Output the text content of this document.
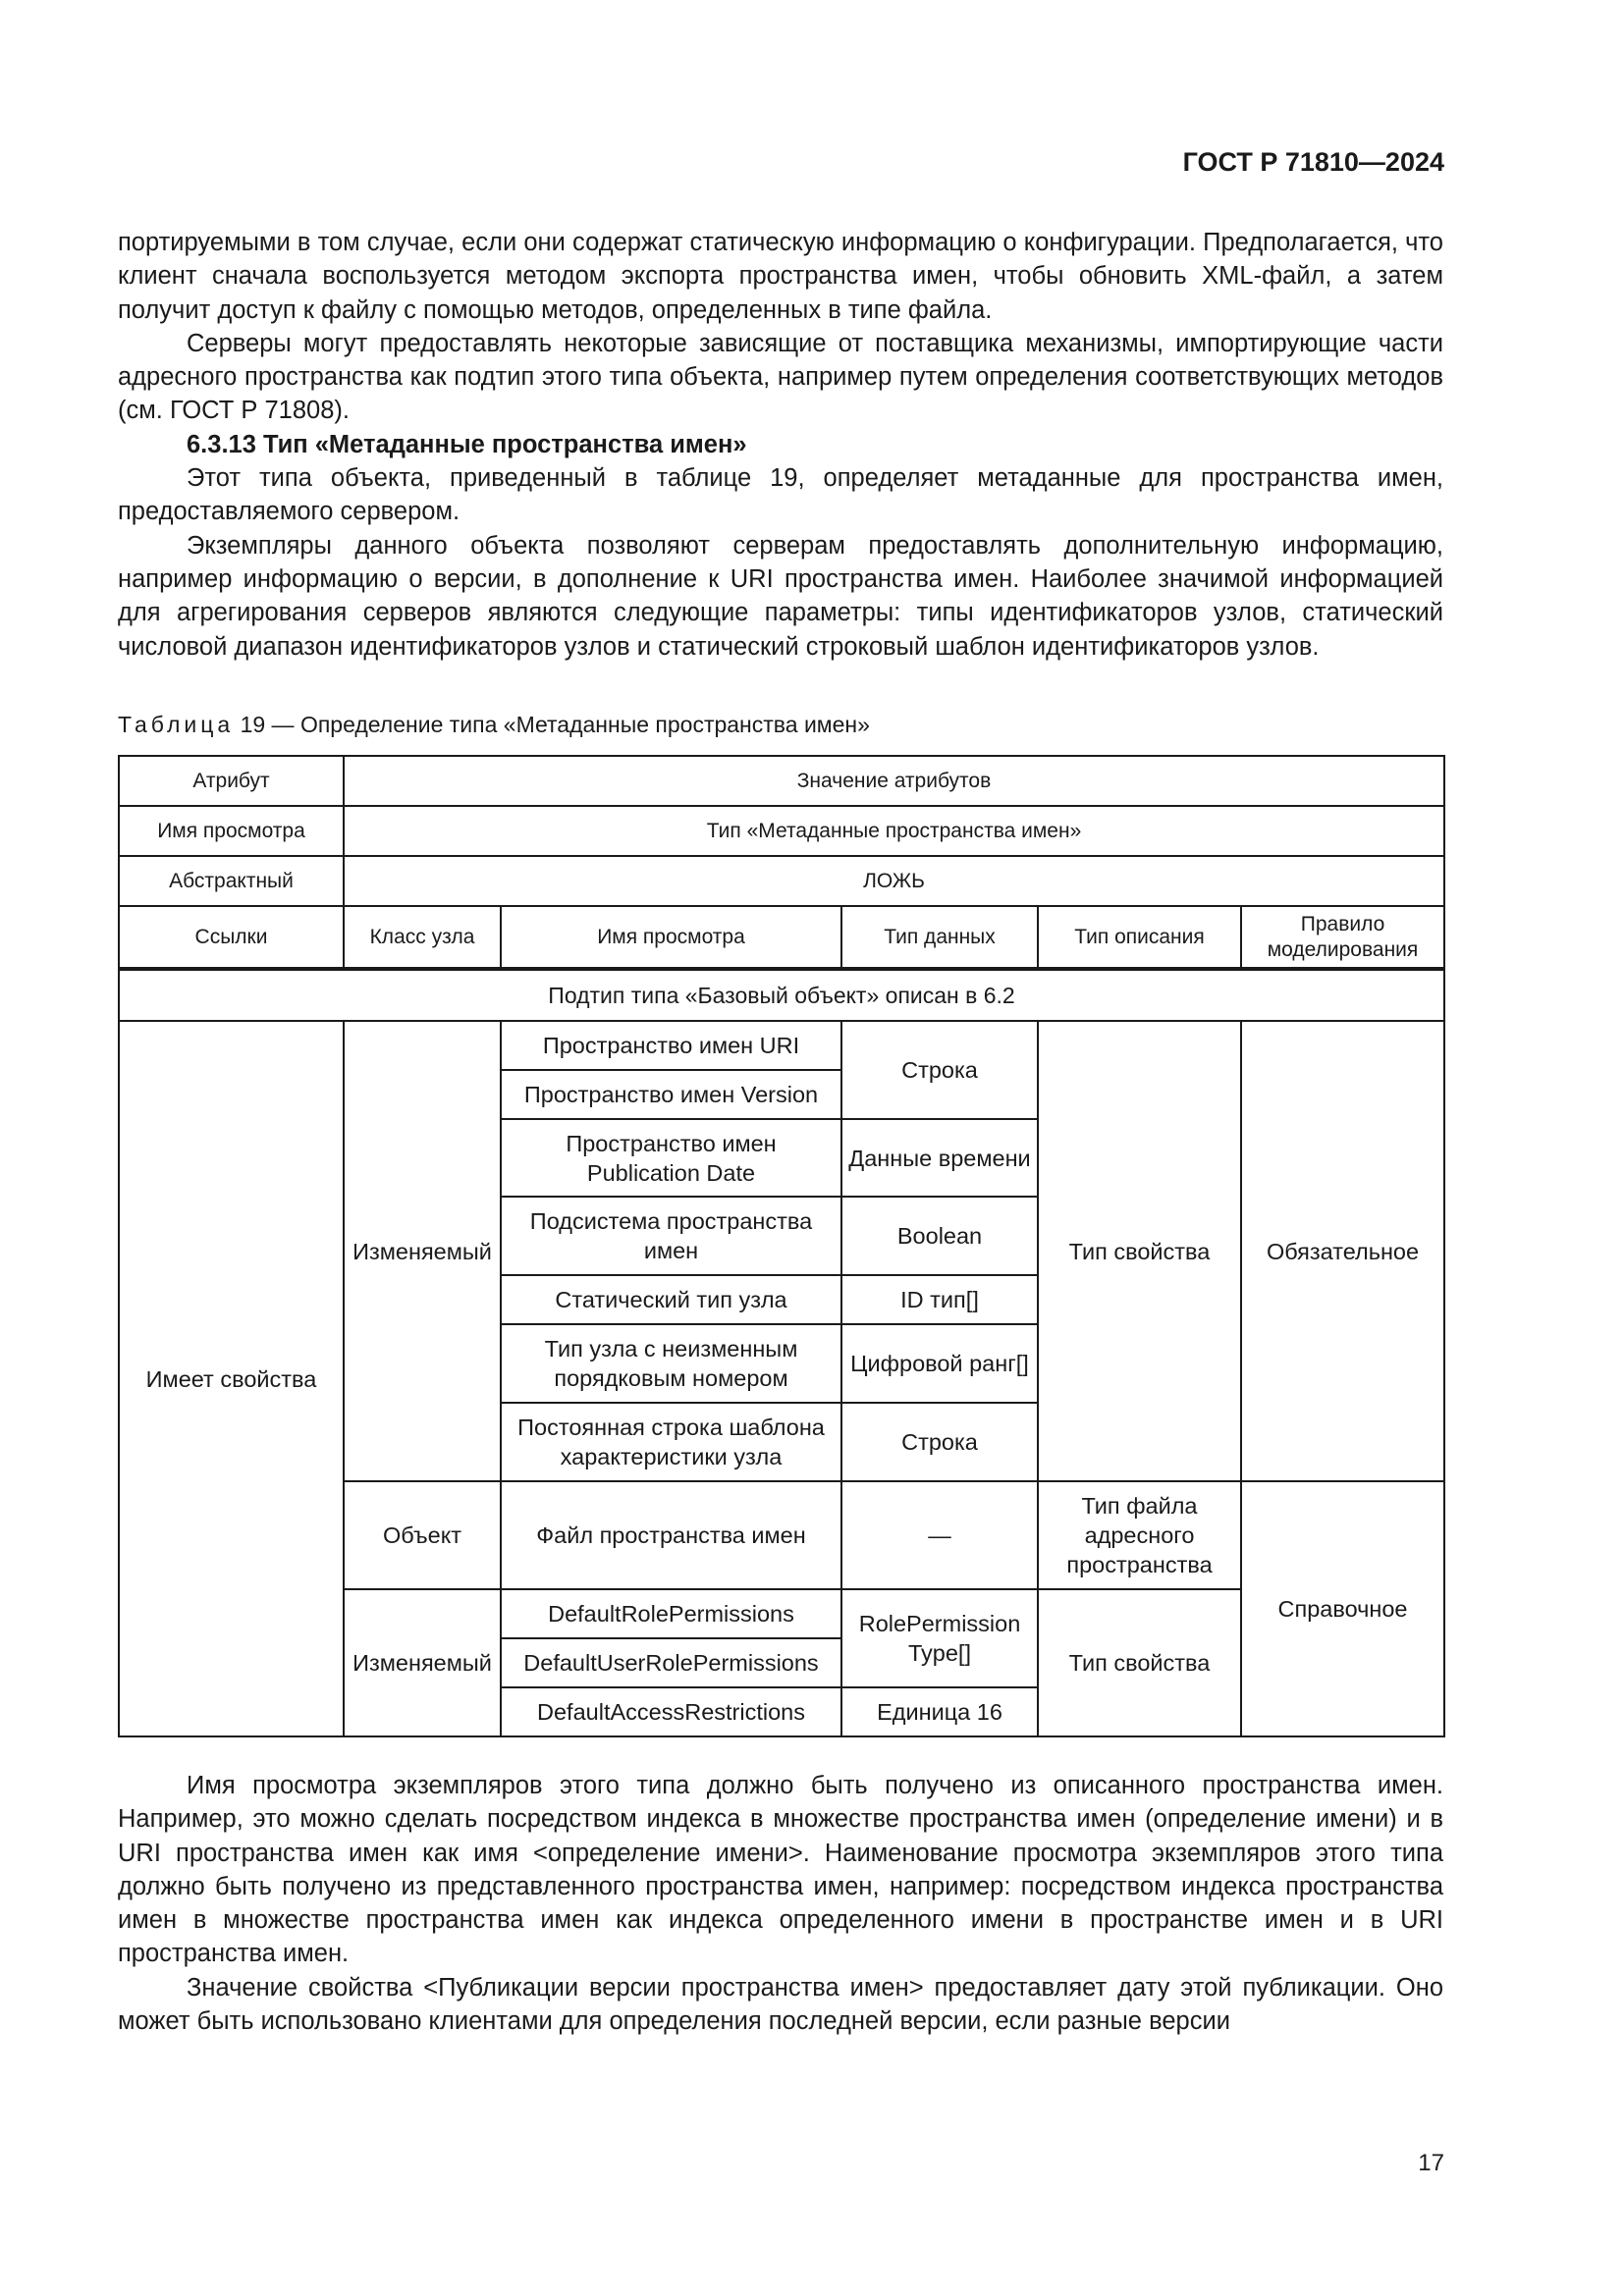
ГОСТ Р 71810—2024

портируемыми в том случае, если они содержат статическую информацию о конфигурации. Предполагается, что клиент сначала воспользуется методом экспорта пространства имен, чтобы обновить XML-файл, а затем получит доступ к файлу с помощью методов, определенных в типе файла.

Серверы могут предоставлять некоторые зависящие от поставщика механизмы, импортирующие части адресного пространства как подтип этого типа объекта, например путем определения соответствующих методов (см. ГОСТ Р 71808).

6.3.13 Тип «Метаданные пространства имен»

Этот типа объекта, приведенный в таблице 19, определяет метаданные для пространства имен, предоставляемого сервером.

Экземпляры данного объекта позволяют серверам предоставлять дополнительную информацию, например информацию о версии, в дополнение к URI пространства имен. Наиболее значимой информацией для агрегирования серверов являются следующие параметры: типы идентификаторов узлов, статический числовой диапазон идентификаторов узлов и статический строковый шаблон идентификаторов узлов.

Таблица 19 — Определение типа «Метаданные пространства имен»
Атрибут	Значение атрибутов				
Имя просмотра	Тип «Метаданные пространства имен»				
Абстрактный	ЛОЖЬ				
Ссылки	Класс узла	Имя просмотра	Тип данных	Тип описания	Правило моделирования
Подтип типа «Базовый объект» описан в 6.2					
Имеет свойства	Изменяемый	Пространство имен URI	Строка	Тип свойства	Обязательное
		Пространство имен Version			
		Пространство имен Publication Date	Данные времени		
		Подсистема пространства имен	Boolean		
		Статический тип узла	ID тип[]		
		Тип узла с неизменным порядковым номером	Цифровой ранг[]		
		Постоянная строка шаблона характеристики узла	Строка		
	Объект	Файл пространства имен	—	Тип файла адресного пространства	Справочное
	Изменяемый	DefaultRolePermissions	RolePermission Type[]	Тип свойства	
		DefaultUserRolePermissions			
		DefaultAccessRestrictions	Единица 16		

Имя просмотра экземпляров этого типа должно быть получено из описанного пространства имен. Например, это можно сделать посредством индекса в множестве пространства имен (определение имени) и в URI пространства имен как имя <определение имени>. Наименование просмотра экземпляров этого типа должно быть получено из представленного пространства имен, например: посредством индекса пространства имен в множестве пространства имен как индекса определенного имени в пространстве имен и в URI пространства имен.

Значение свойства <Публикации версии пространства имен> предоставляет дату этой публикации. Оно может быть использовано клиентами для определения последней версии, если разные версии

17
